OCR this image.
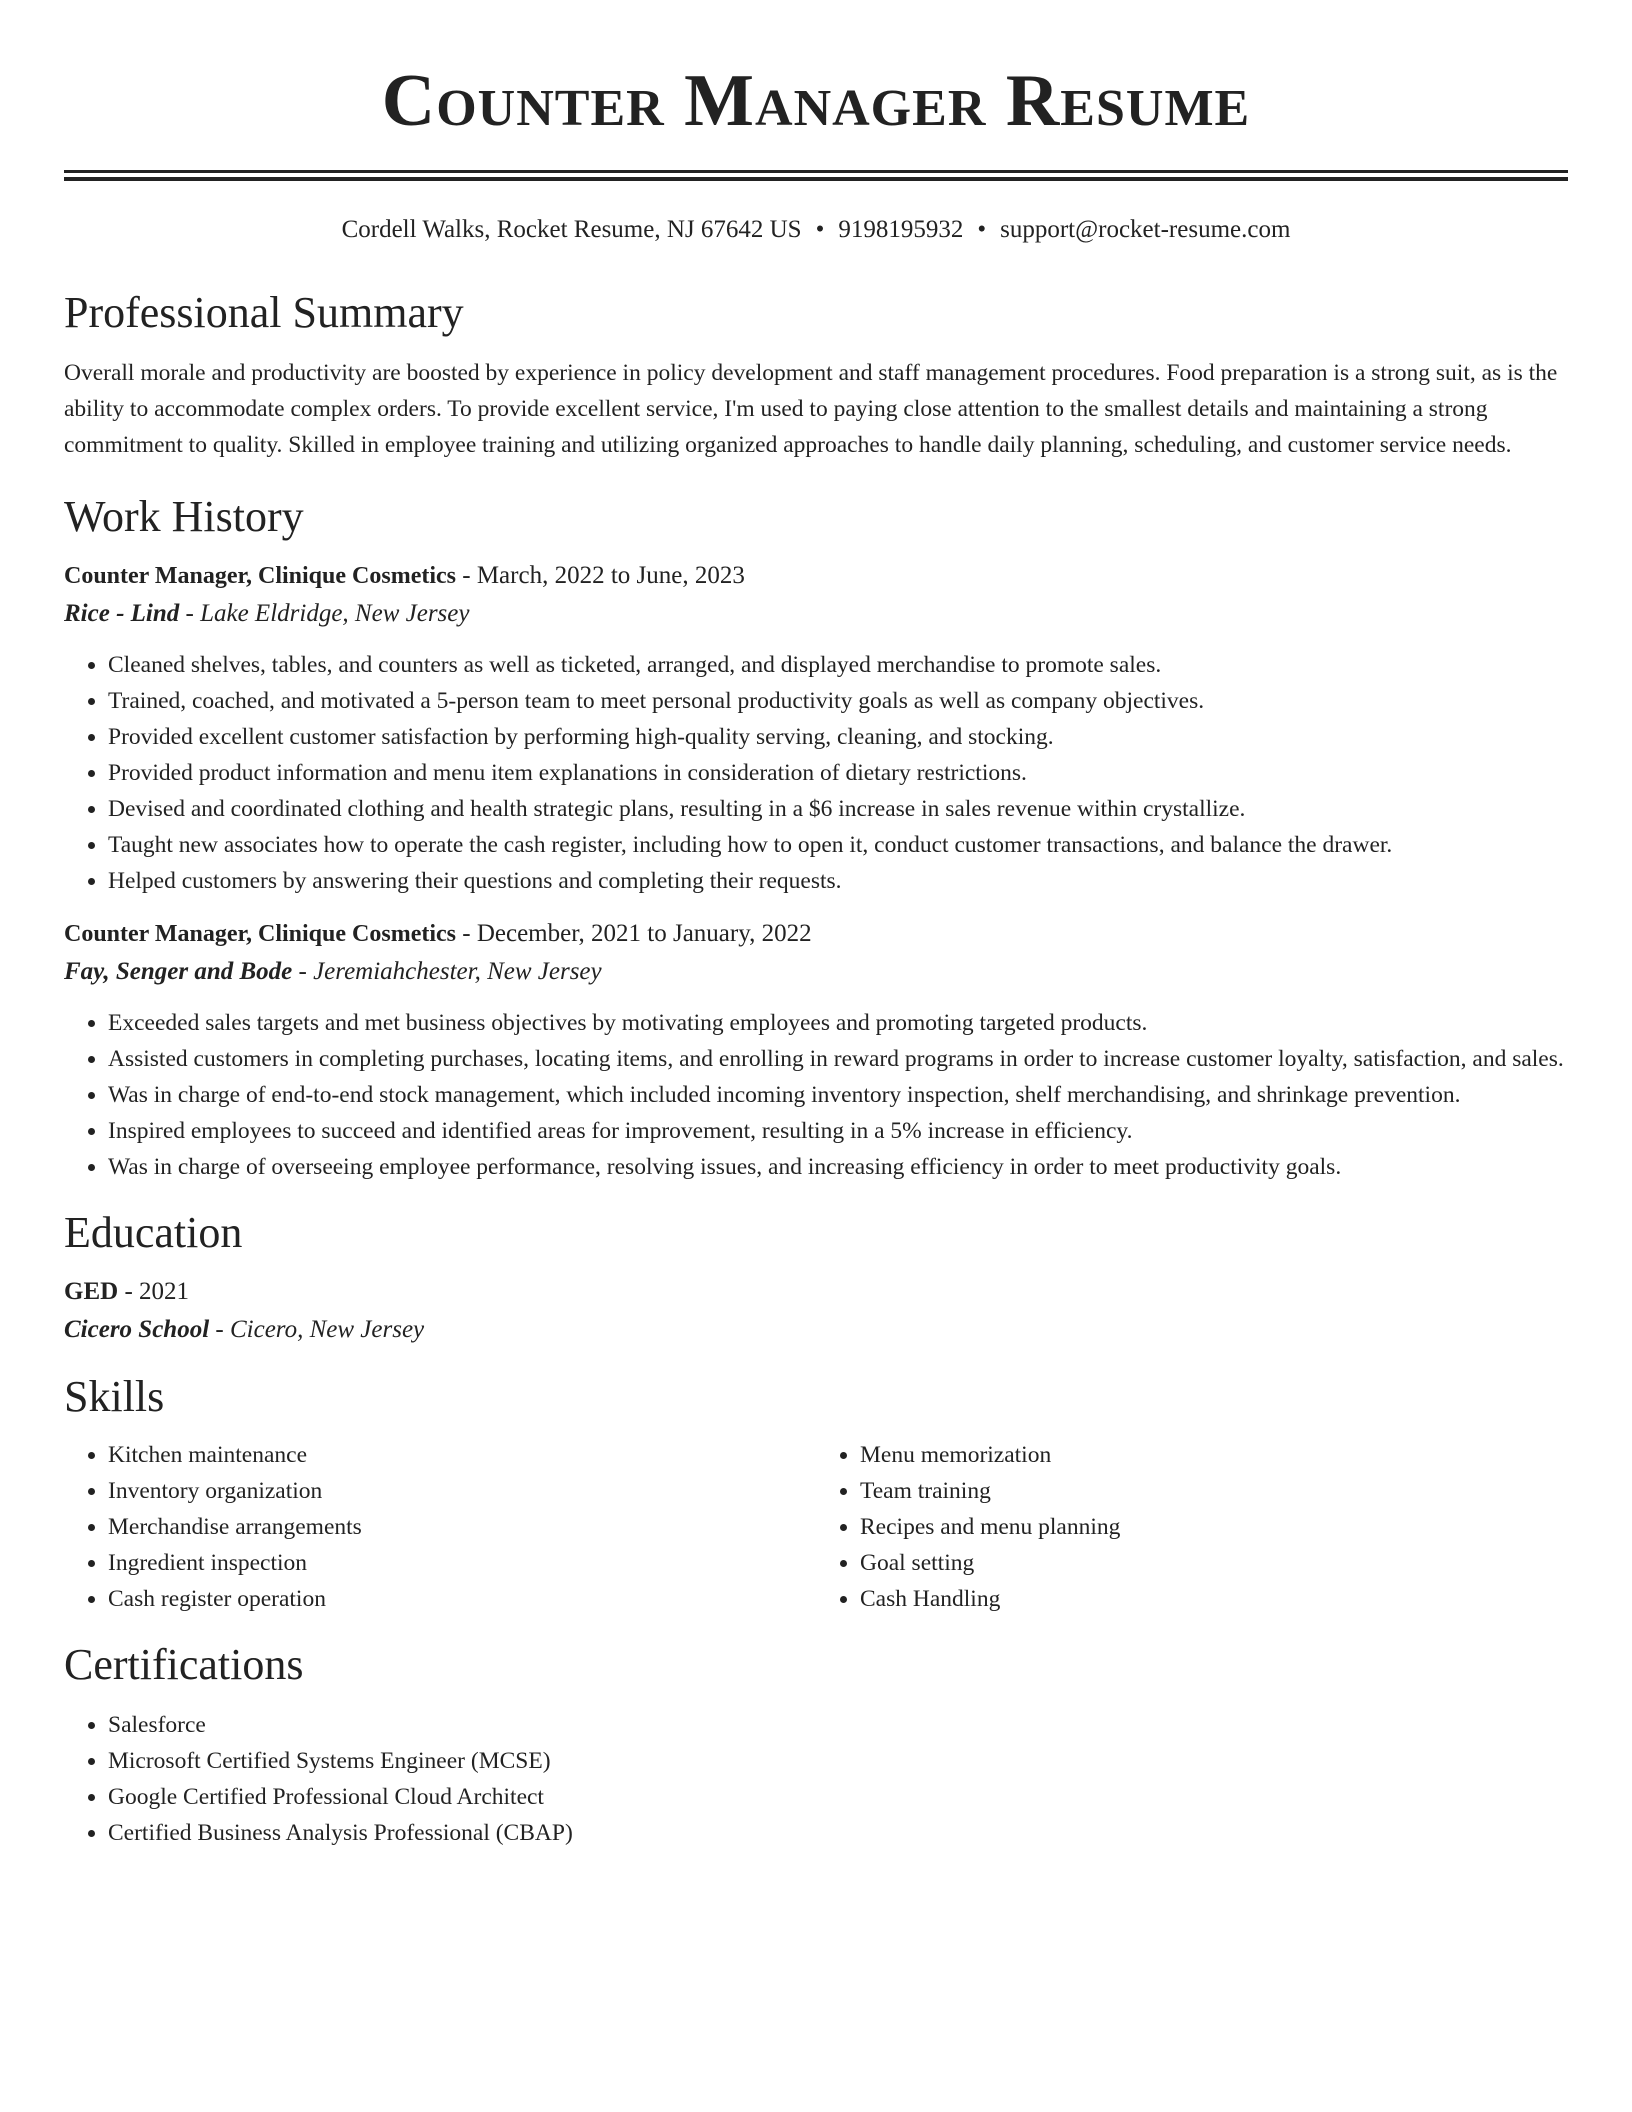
Counter Manager Resume
Cordell Walks, Rocket Resume, NJ 67642 US • 9198195932 • support@rocket-resume.com
Professional Summary

Overall morale and productivity are boosted by experience in policy development and staff management procedures. Food preparation is a strong suit, as is the ability to accommodate complex orders. To provide excellent service, I'm used to paying close attention to the smallest details and maintaining a strong commitment to quality. Skilled in employee training and utilizing organized approaches to handle daily planning, scheduling, and customer service needs.

Work History
Counter Manager, Clinique Cosmetics - March, 2022 to June, 2023
Rice - Lind - Lake Eldridge, New Jersey
• Cleaned shelves, tables, and counters as well as ticketed, arranged, and displayed merchandise to promote sales.
• Trained, coached, and motivated a 5-person team to meet personal productivity goals as well as company objectives.
• Provided excellent customer satisfaction by performing high-quality serving, cleaning, and stocking.
• Provided product information and menu item explanations in consideration of dietary restrictions.
• Devised and coordinated clothing and health strategic plans, resulting in a $6 increase in sales revenue within crystallize.
• Taught new associates how to operate the cash register, including how to open it, conduct customer transactions, and balance the drawer.
• Helped customers by answering their questions and completing their requests.
Counter Manager, Clinique Cosmetics - December, 2021 to January, 2022
Fay, Senger and Bode - Jeremiahchester, New Jersey
• Exceeded sales targets and met business objectives by motivating employees and promoting targeted products.
• Assisted customers in completing purchases, locating items, and enrolling in reward programs in order to increase customer loyalty, satisfaction, and sales.
• Was in charge of end-to-end stock management, which included incoming inventory inspection, shelf merchandising, and shrinkage prevention.
• Inspired employees to succeed and identified areas for improvement, resulting in a 5% increase in efficiency.
• Was in charge of overseeing employee performance, resolving issues, and increasing efficiency in order to meet productivity goals.
Education
GED - 2021
Cicero School - Cicero, New Jersey
Skills
• Kitchen maintenance
• Inventory organization
• Merchandise arrangements
• Ingredient inspection
• Cash register operation
• Menu memorization
• Team training
• Recipes and menu planning
• Goal setting
• Cash Handling
Certifications
• Salesforce
• Microsoft Certified Systems Engineer (MCSE)
• Google Certified Professional Cloud Architect
• Certified Business Analysis Professional (CBAP)
